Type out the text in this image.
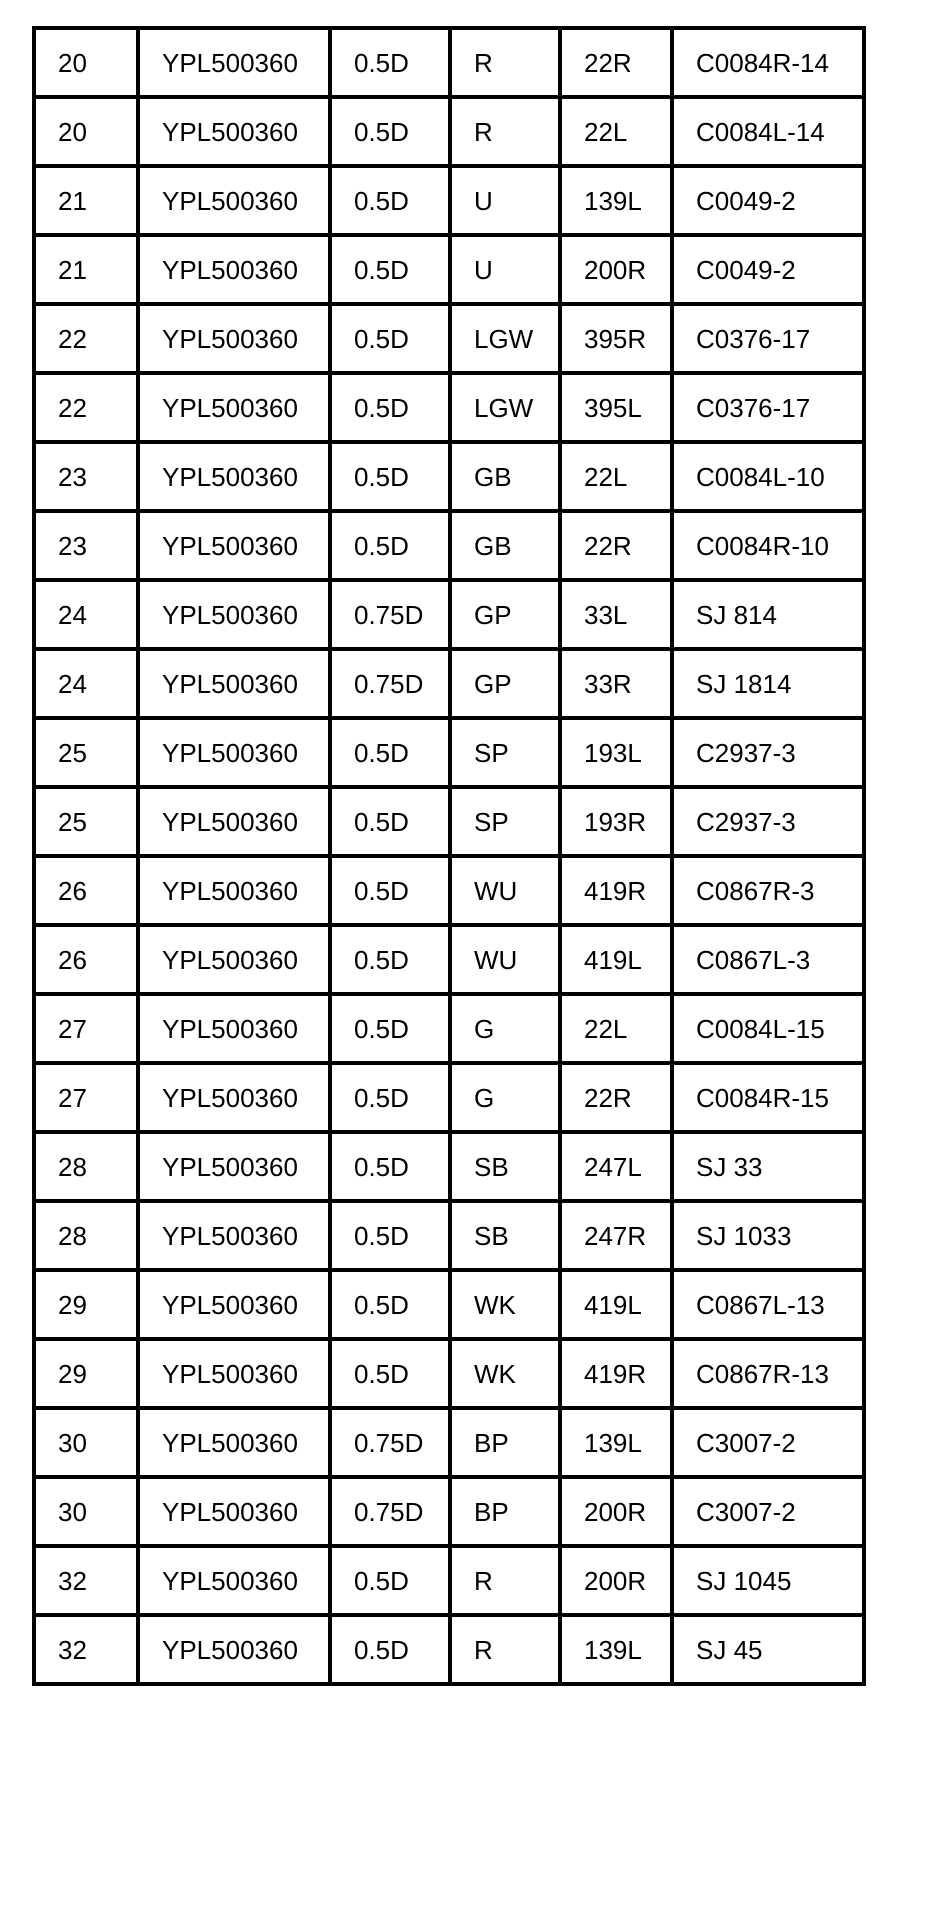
20	YPL500360	0.5D	R	22R	C0084R-14
20	YPL500360	0.5D	R	22L	C0084L-14
21	YPL500360	0.5D	U	139L	C0049-2
21	YPL500360	0.5D	U	200R	C0049-2
22	YPL500360	0.5D	LGW	395R	C0376-17
22	YPL500360	0.5D	LGW	395L	C0376-17
23	YPL500360	0.5D	GB	22L	C0084L-10
23	YPL500360	0.5D	GB	22R	C0084R-10
24	YPL500360	0.75D	GP	33L	SJ 814
24	YPL500360	0.75D	GP	33R	SJ 1814
25	YPL500360	0.5D	SP	193L	C2937-3
25	YPL500360	0.5D	SP	193R	C2937-3
26	YPL500360	0.5D	WU	419R	C0867R-3
26	YPL500360	0.5D	WU	419L	C0867L-3
27	YPL500360	0.5D	G	22L	C0084L-15
27	YPL500360	0.5D	G	22R	C0084R-15
28	YPL500360	0.5D	SB	247L	SJ 33
28	YPL500360	0.5D	SB	247R	SJ 1033
29	YPL500360	0.5D	WK	419L	C0867L-13
29	YPL500360	0.5D	WK	419R	C0867R-13
30	YPL500360	0.75D	BP	139L	C3007-2
30	YPL500360	0.75D	BP	200R	C3007-2
32	YPL500360	0.5D	R	200R	SJ 1045
32	YPL500360	0.5D	R	139L	SJ 45
